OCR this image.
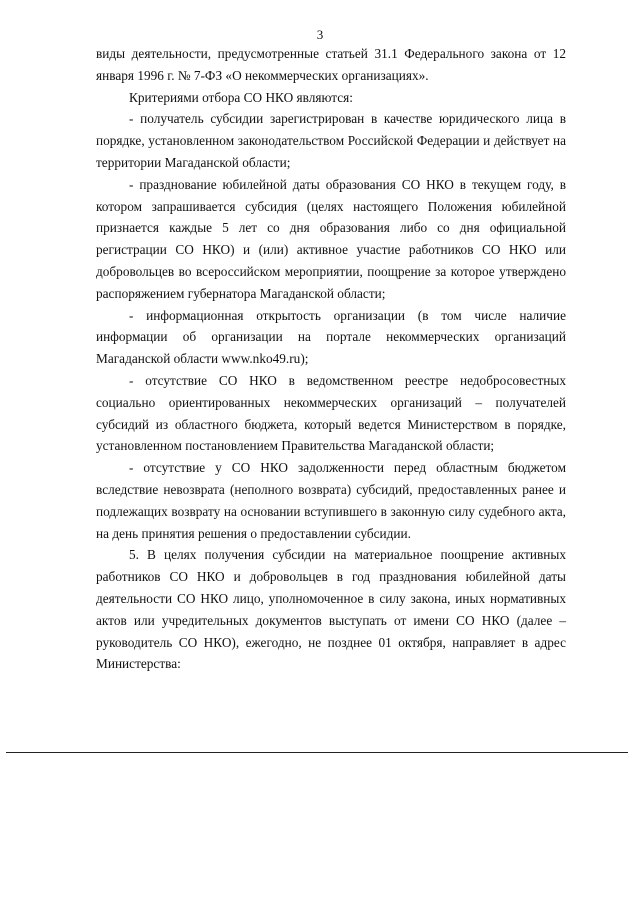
3

виды деятельности, предусмотренные статьей 31.1 Федерального закона от 12 января 1996 г. № 7-ФЗ «О некоммерческих организациях».

Критериями отбора СО НКО являются:

- получатель субсидии зарегистрирован в качестве юридического лица в порядке, установленном законодательством Российской Федерации и действует на территории Магаданской области;

- празднование юбилейной даты образования СО НКО в текущем году, в котором запрашивается субсидия (целях настоящего Положения юбилейной признается каждые 5 лет со дня образования либо со дня официальной регистрации СО НКО) и (или) активное участие работников СО НКО или добровольцев во всероссийском мероприятии, поощрение за которое утверждено распоряжением губернатора Магаданской области;

- информационная открытость организации (в том числе наличие информации об организации на портале некоммерческих организаций Магаданской области www.nko49.ru);

- отсутствие СО НКО в ведомственном реестре недобросовестных социально ориентированных некоммерческих организаций – получателей субсидий из областного бюджета, который ведется Министерством в порядке, установленном постановлением Правительства Магаданской области;

- отсутствие у СО НКО задолженности перед областным бюджетом вследствие невозврата (неполного возврата) субсидий, предоставленных ранее и подлежащих возврату на основании вступившего в законную силу судебного акта, на день принятия решения о предоставлении субсидии.

5. В целях получения субсидии на материальное поощрение активных работников СО НКО и добровольцев в год празднования юбилейной даты деятельности СО НКО лицо, уполномоченное в силу закона, иных нормативных актов или учредительных документов выступать от имени СО НКО (далее – руководитель СО НКО), ежегодно, не позднее 01 октября, направляет в адрес Министерства:
